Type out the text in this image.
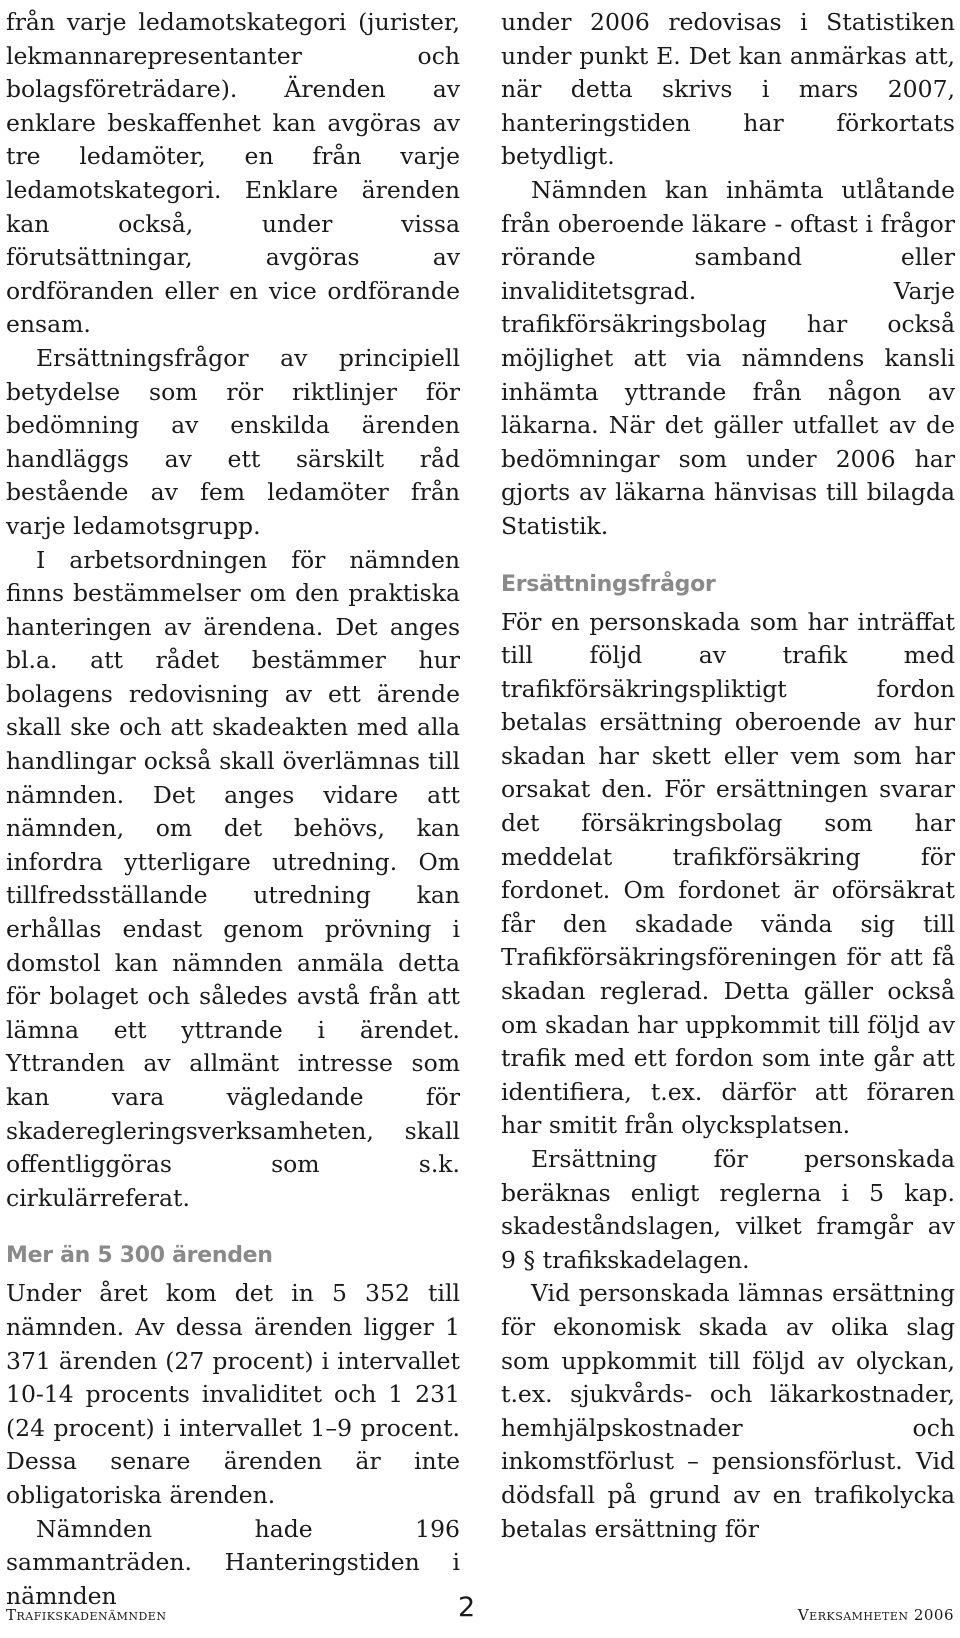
från varje ledamotskategori (jurister, lekmannarepresentanter och bolagsföreträdare). Ärenden av enklare beskaffenhet kan avgöras av tre ledamöter, en från varje ledamotskategori. Enklare ärenden kan också, under vissa förutsättningar, avgöras av ordföranden eller en vice ordförande ensam.

Ersättningsfrågor av principiell betydelse som rör riktlinjer för bedömning av enskilda ärenden handläggs av ett särskilt råd bestående av fem ledamöter från varje ledamotsgrupp.

I arbetsordningen för nämnden finns bestämmelser om den praktiska hanteringen av ärendena. Det anges bl.a. att rådet bestämmer hur bolagens redovisning av ett ärende skall ske och att skadeakten med alla handlingar också skall överlämnas till nämnden. Det anges vidare att nämnden, om det behövs, kan infordra ytterligare utredning. Om tillfredsställande utredning kan erhållas endast genom prövning i domstol kan nämnden anmäla detta för bolaget och således avstå från att lämna ett yttrande i ärendet. Yttranden av allmänt intresse som kan vara vägledande för skaderegleringsverksamheten, skall offentliggöras som s.k. cirkulärreferat.

Mer än 5 300 ärenden

Under året kom det in 5 352 till nämnden. Av dessa ärenden ligger 1 371 ärenden (27 procent) i intervallet 10-14 procents invaliditet och 1 231 (24 procent) i intervallet 1–9 procent. Dessa senare ärenden är inte obligatoriska ärenden.

Nämnden hade 196 sammanträden. Hanteringstiden i nämnden

under 2006 redovisas i Statistiken under punkt E. Det kan anmärkas att, när detta skrivs i mars 2007, hanteringstiden har förkortats betydligt.

Nämnden kan inhämta utlåtande från oberoende läkare - oftast i frågor rörande samband eller invaliditetsgrad. Varje trafikförsäkringsbolag har också möjlighet att via nämndens kansli inhämta yttrande från någon av läkarna. När det gäller utfallet av de bedömningar som under 2006 har gjorts av läkarna hänvisas till bilagda Statistik.

Ersättningsfrågor

För en personskada som har inträffat till följd av trafik med trafikförsäkringspliktigt fordon betalas ersättning oberoende av hur skadan har skett eller vem som har orsakat den. För ersättningen svarar det försäkringsbolag som har meddelat trafikförsäkring för fordonet. Om fordonet är oförsäkrat får den skadade vända sig till Trafikförsäkringsföreningen för att få skadan reglerad. Detta gäller också om skadan har uppkommit till följd av trafik med ett fordon som inte går att identifiera, t.ex. därför att föraren har smitit från olycksplatsen.

Ersättning för personskada beräknas enligt reglerna i 5 kap. skadeståndslagen, vilket framgår av 9 § trafikskadelagen.

Vid personskada lämnas ersättning för ekonomisk skada av olika slag som uppkommit till följd av olyckan, t.ex. sjukvårds- och läkarkostnader, hemhjälpskostnader och inkomstförlust – pensionsförlust. Vid dödsfall på grund av en trafikolycka betalas ersättning för

Trafikskadenämnden	2	Verksamheten 2006
